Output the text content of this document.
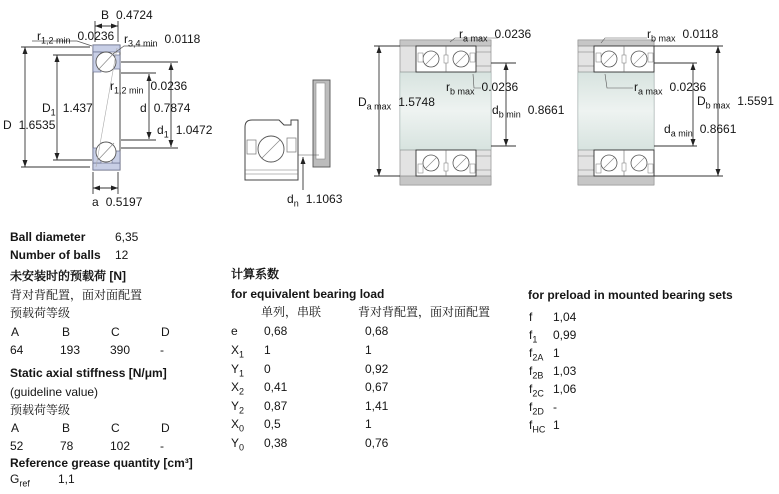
B 0.4724
$r_{1,2 min}$ 0.0236 $r_{3,4 min}$ 0.0118
$r_{1,2 min}$ 0.0236
$D_1$ 1.437	d 0.7874
D 1.6535	$d_1$ 1.0472
a 0.5197	$d_n$ 1.1063
$r_{a max}$ 0.0236
$D_{a max}$ 1.5748
$r_{b max}$ 0.0236
$d_{b min}$ 0.8661
$r_{b max}$ 0.0118
$r_{a max}$ 0.0236
$D_{b max}$ 1.5591
$d_{a min}$ 0.8661
Ball diameter 6,35
Number of balls 12
未安装时的预载荷 [N]
背对背配置，面对面配置
预载荷等级
A	B	C	D
64	193 390 -
Static axial stiffness [N/μm]
(guideline value)
预载荷等级
A	B	C	D
52	78	102 -
Reference grease quantity [cm³]
$G_{ref}$ 1,1
计算系数
for equivalent bearing load
单列，串联	背对背配置，面对面配置
e 0,68	0,68
$X_1$ 1	1
$Y_1$ 0	0,92
$X_2$ 0,41	0,67
$Y_2$ 0,87	1,41
$X_0$ 0,5	1
$Y_0$ 0,38	0,76
for preload in mounted bearing sets
f 1,04
$f_1$ 0,99
$f_{2A}$ 1
$f_{2B}$ 1,03
$f_{2C}$ 1,06
$f_{2D}$ -
$f_{HC}$ 1
